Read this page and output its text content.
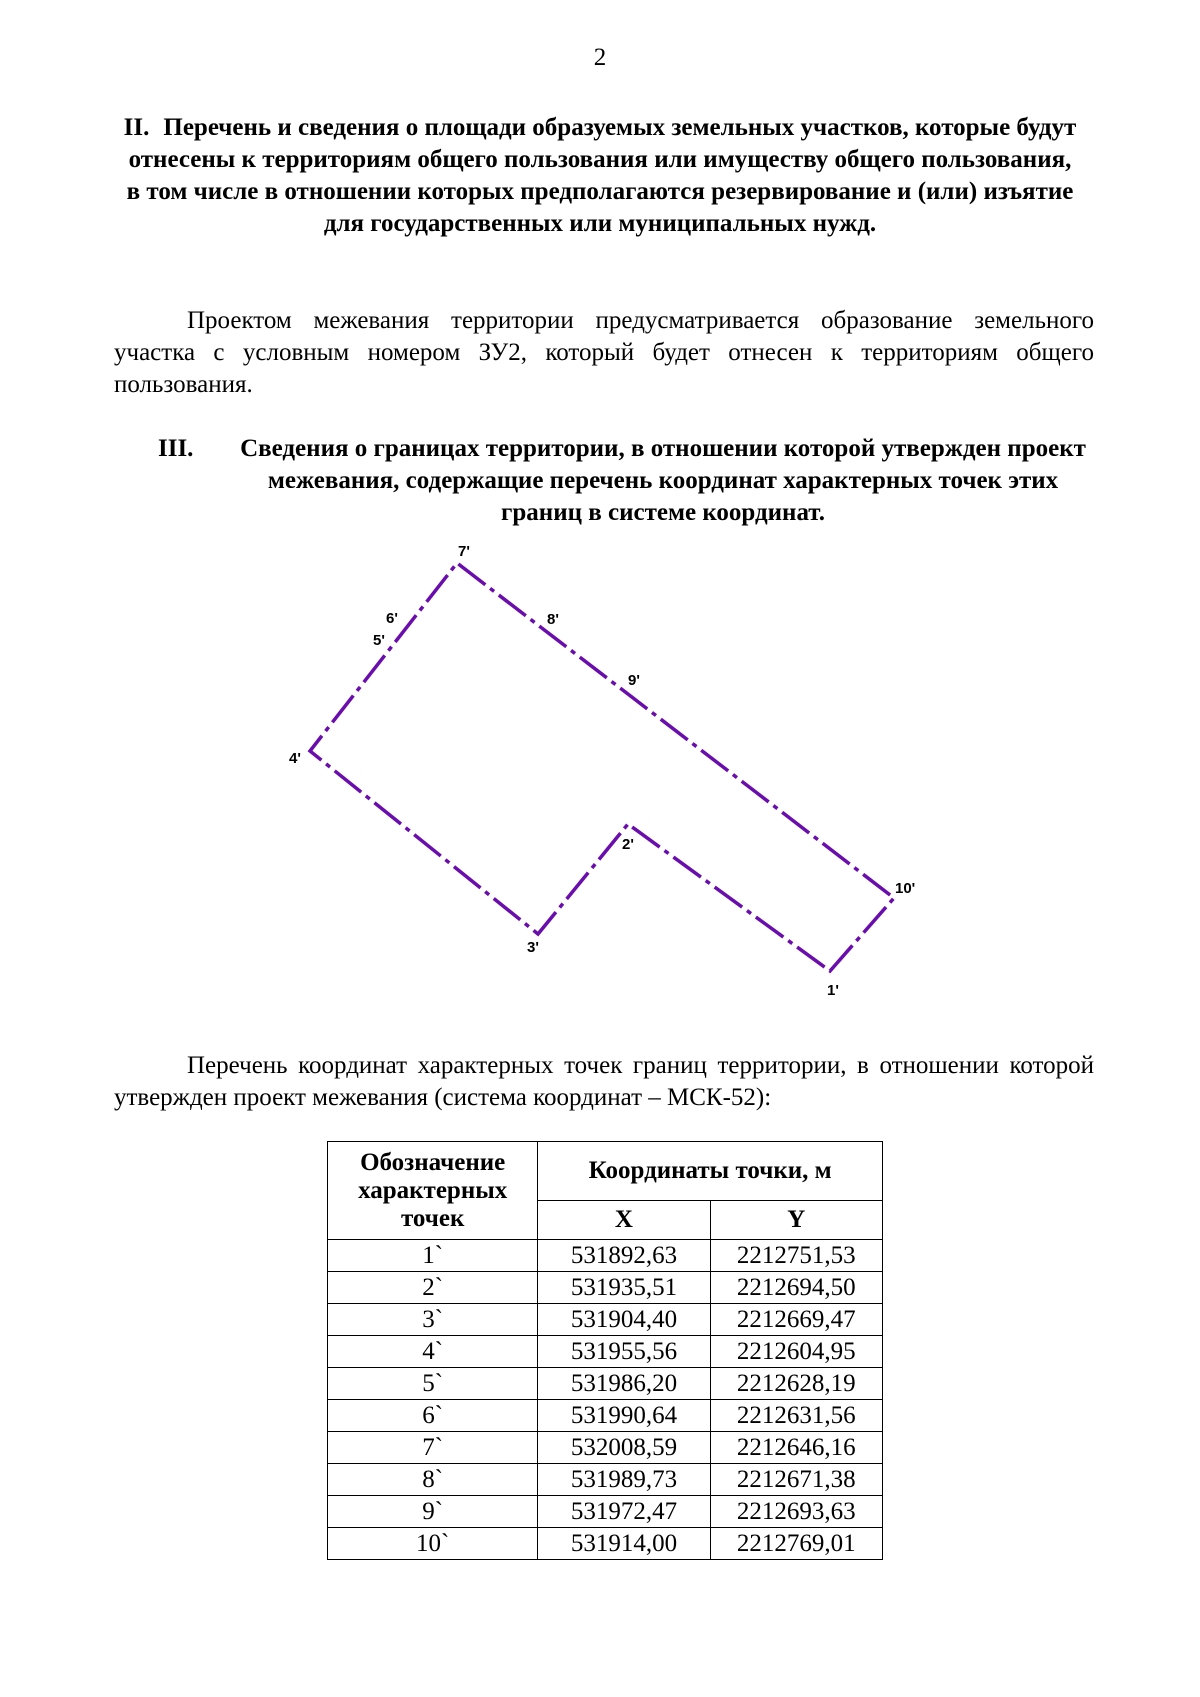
2
II. Перечень и сведения о площади образуемых земельных участков, которые будут отнесены к территориям общего пользования или имуществу общего пользования, в том числе в отношении которых предполагаются резервирование и (или) изъятие для государственных или муниципальных нужд.
Проектом межевания территории предусматривается образование земельного участка с условным номером ЗУ2, который будет отнесен к территориям общего пользования.
III.	Сведения о границах территории, в отношении которой утвержден проект межевания, содержащие перечень координат характерных точек этих границ в системе координат.
1'
2'
3'
4'
5'
6'
7'
8'
9'
10'
Перечень координат характерных точек границ территории, в отношении которой утвержден проект межевания (система координат – МСК-52):
Обозначение характерных точек	Координаты точки, м	
	X	Y
1`	531892,63	2212751,53
2`	531935,51	2212694,50
3`	531904,40	2212669,47
4`	531955,56	2212604,95
5`	531986,20	2212628,19
6`	531990,64	2212631,56
7`	532008,59	2212646,16
8`	531989,73	2212671,38
9`	531972,47	2212693,63
10`	531914,00	2212769,01
